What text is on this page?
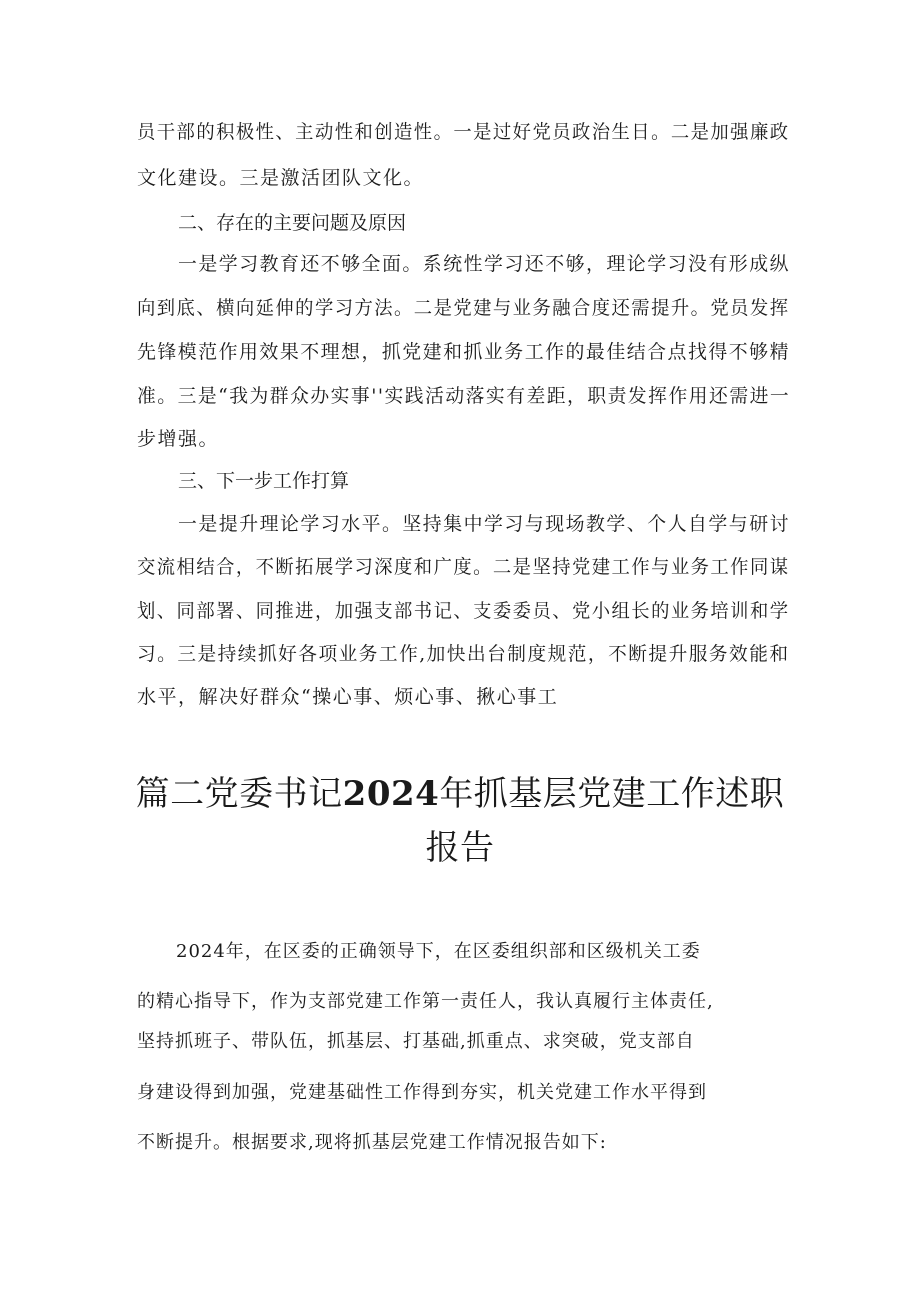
员干部的积极性、主动性和创造性。一是过好党员政治生日。二是加强廉政
文化建设。三是激活团队文化。
二、存在的主要问题及原因
一是学习教育还不够全面。系统性学习还不够，理论学习没有形成纵
向到底、横向延伸的学习方法。二是党建与业务融合度还需提升。党员发挥
先锋模范作用效果不理想，抓党建和抓业务工作的最佳结合点找得不够精
准。三是“我为群众办实事''实践活动落实有差距，职责发挥作用还需进一
步增强。
三、下一步工作打算
一是提升理论学习水平。坚持集中学习与现场教学、个人自学与研讨
交流相结合，不断拓展学习深度和广度。二是坚持党建工作与业务工作同谋
划、同部署、同推进，加强支部书记、支委委员、党小组长的业务培训和学
习。三是持续抓好各项业务工作,加快出台制度规范，不断提升服务效能和
水平，解决好群众“操心事、烦心事、揪心事工
篇二党委书记2024年抓基层党建工作述职
报告
2024年，在区委的正确领导下，在区委组织部和区级机关工委
的精心指导下，作为支部党建工作第一责任人，我认真履行主体责任,
坚持抓班子、带队伍，抓基层、打基础,抓重点、求突破，党支部自
身建设得到加强，党建基础性工作得到夯实，机关党建工作水平得到
不断提升。根据要求,现将抓基层党建工作情况报告如下:
